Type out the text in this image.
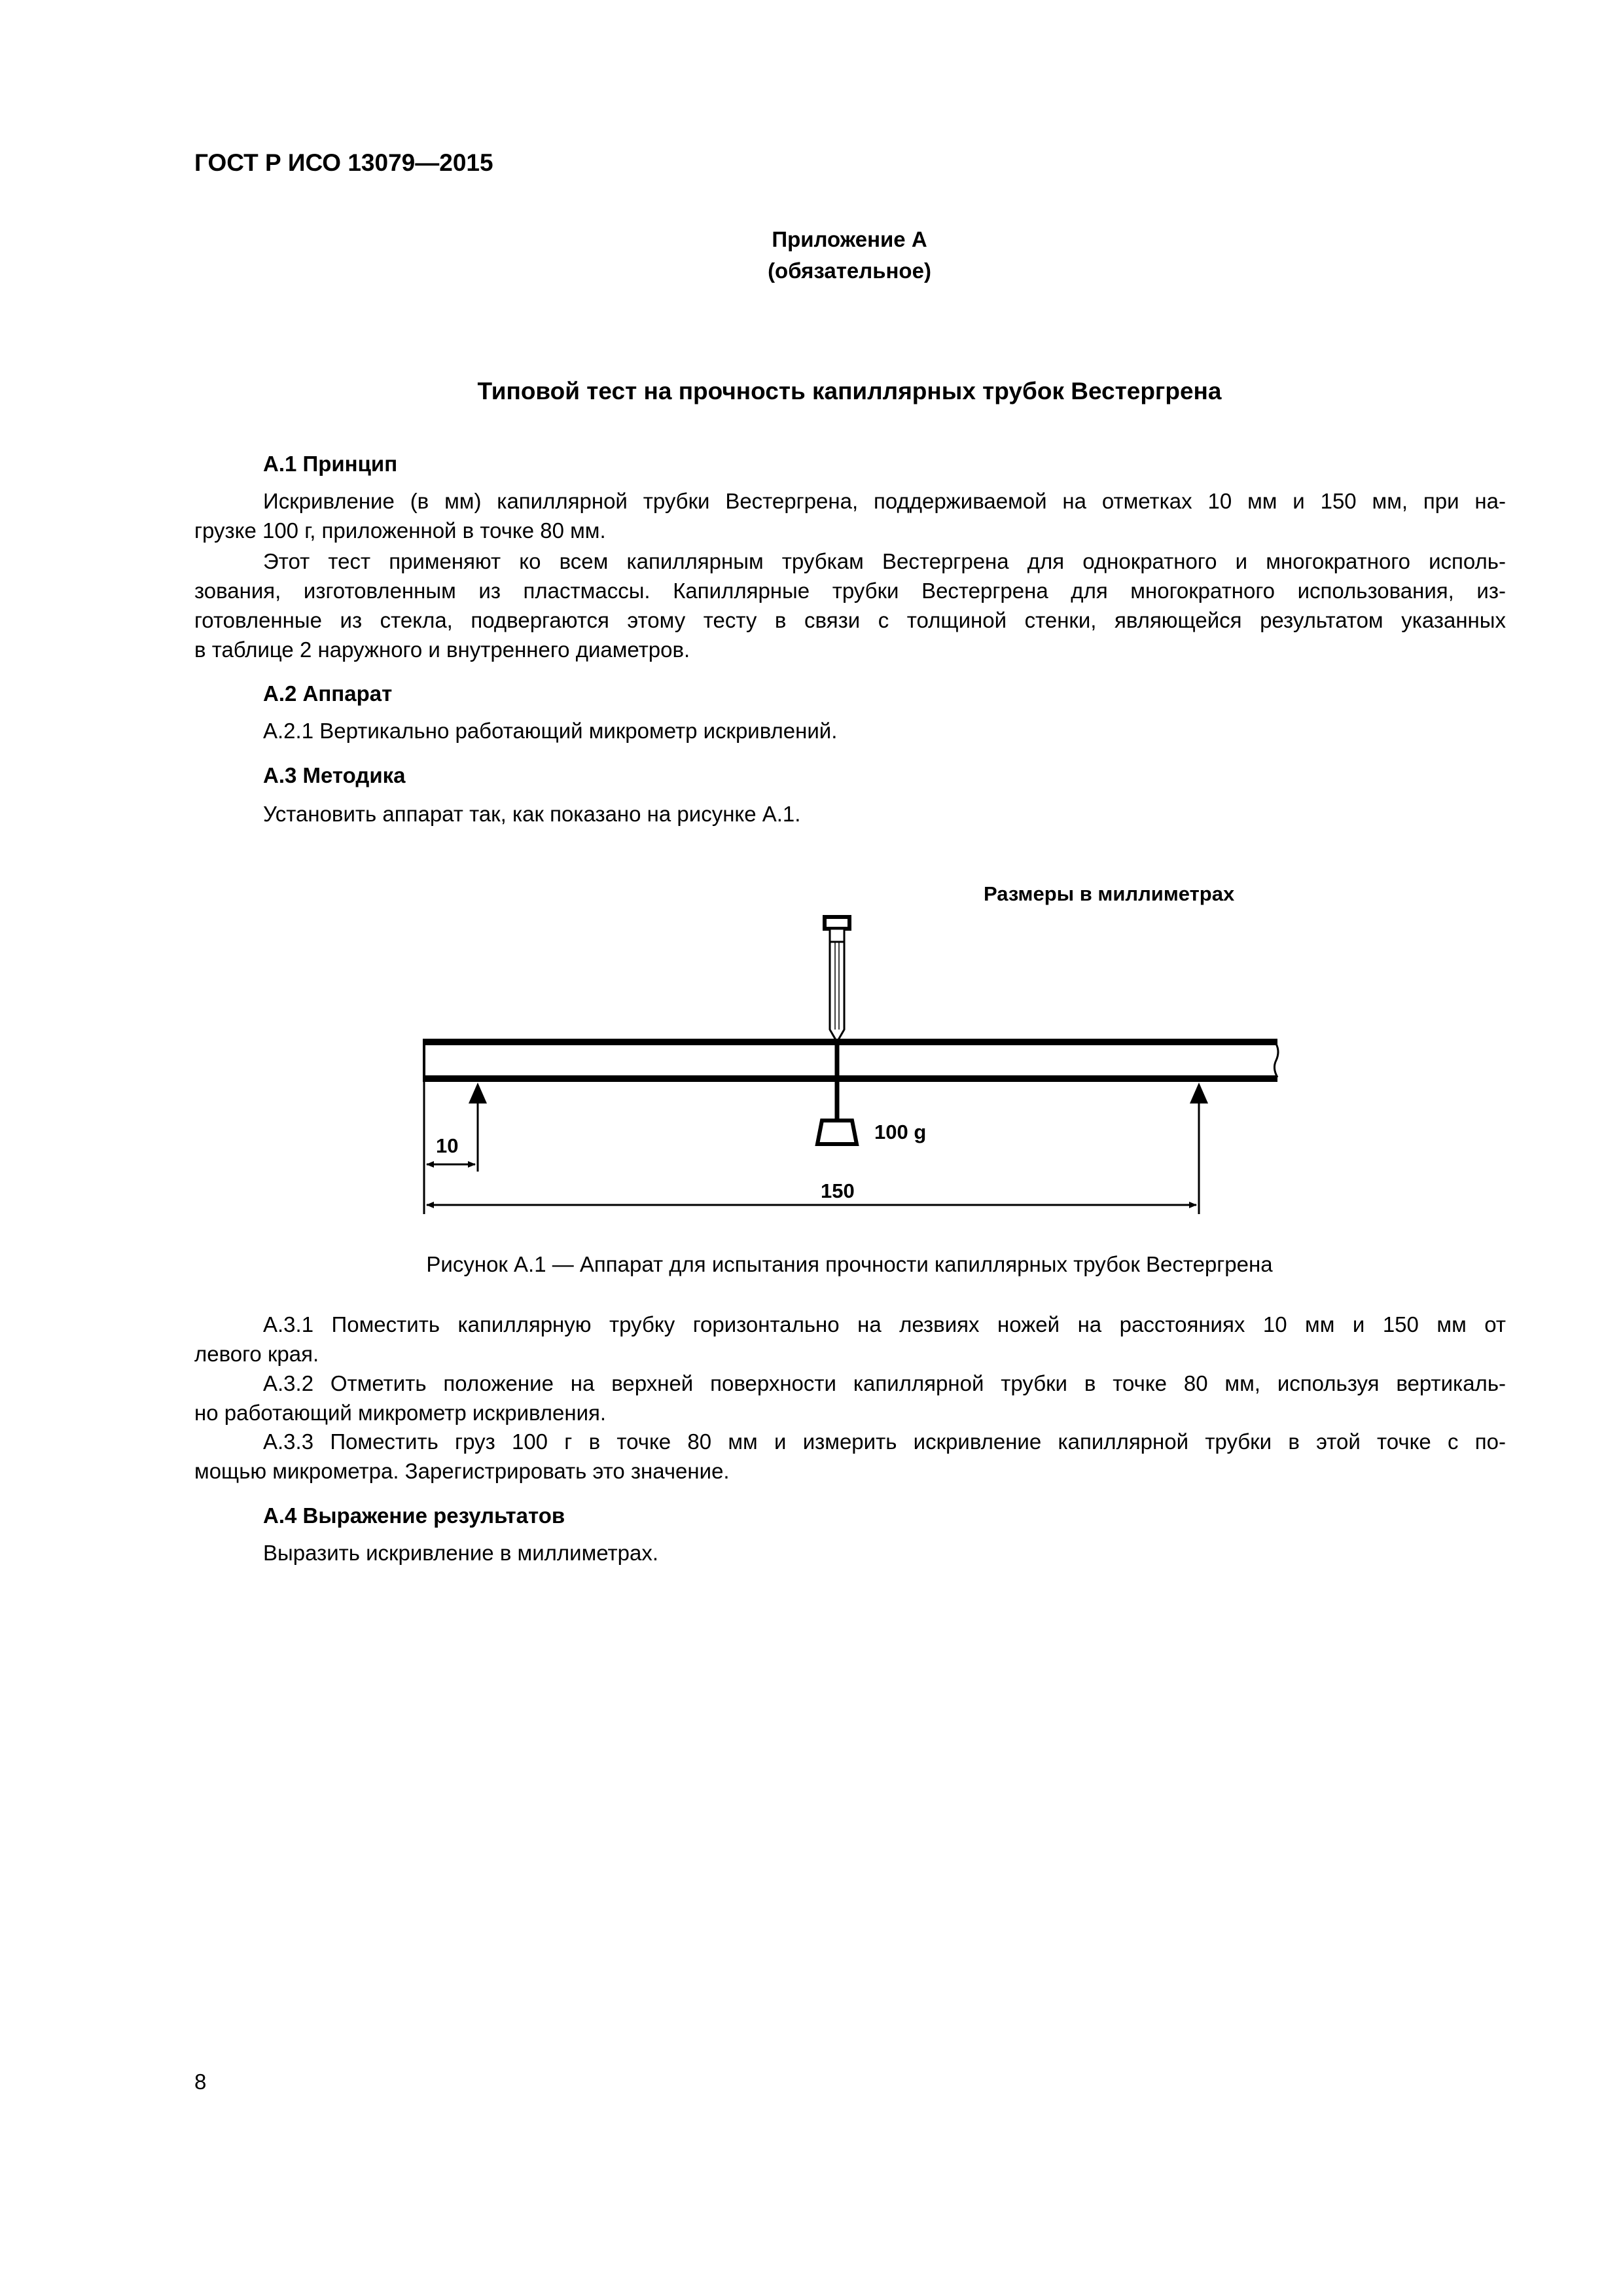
ГОСТ Р ИСО 13079—2015
Приложение А
(обязательное)
Типовой тест на прочность капиллярных трубок Вестергрена
А.1 Принцип
Искривление (в мм) капиллярной трубки Вестергрена, поддерживаемой на отметках 10 мм и 150 мм, при на-
грузке 100 г, приложенной в точке 80 мм.
Этот тест применяют ко всем капиллярным трубкам Вестергрена для однократного и многократного исполь-
зования, изготовленным из пластмассы. Капиллярные трубки Вестергрена для многократного использования, из-
готовленные из стекла, подвергаются этому тесту в связи с толщиной стенки, являющейся результатом указанных
в таблице 2 наружного и внутреннего диаметров.
А.2 Аппарат
А.2.1 Вертикально работающий микрометр искривлений.
А.3 Методика
Установить аппарат так, как показано на рисунке А.1.
Размеры в миллиметрах
100 g
10
150
Рисунок А.1 — Аппарат для испытания прочности капиллярных трубок Вестергрена
А.3.1 Поместить капиллярную трубку горизонтально на лезвиях ножей на расстояниях 10 мм и 150 мм от
левого края.
А.3.2 Отметить положение на верхней поверхности капиллярной трубки в точке 80 мм, используя вертикаль-
но работающий микрометр искривления.
А.3.3 Поместить груз 100 г в точке 80 мм и измерить искривление капиллярной трубки в этой точке с по-
мощью микрометра. Зарегистрировать это значение.
А.4 Выражение результатов
Выразить искривление в миллиметрах.
8
